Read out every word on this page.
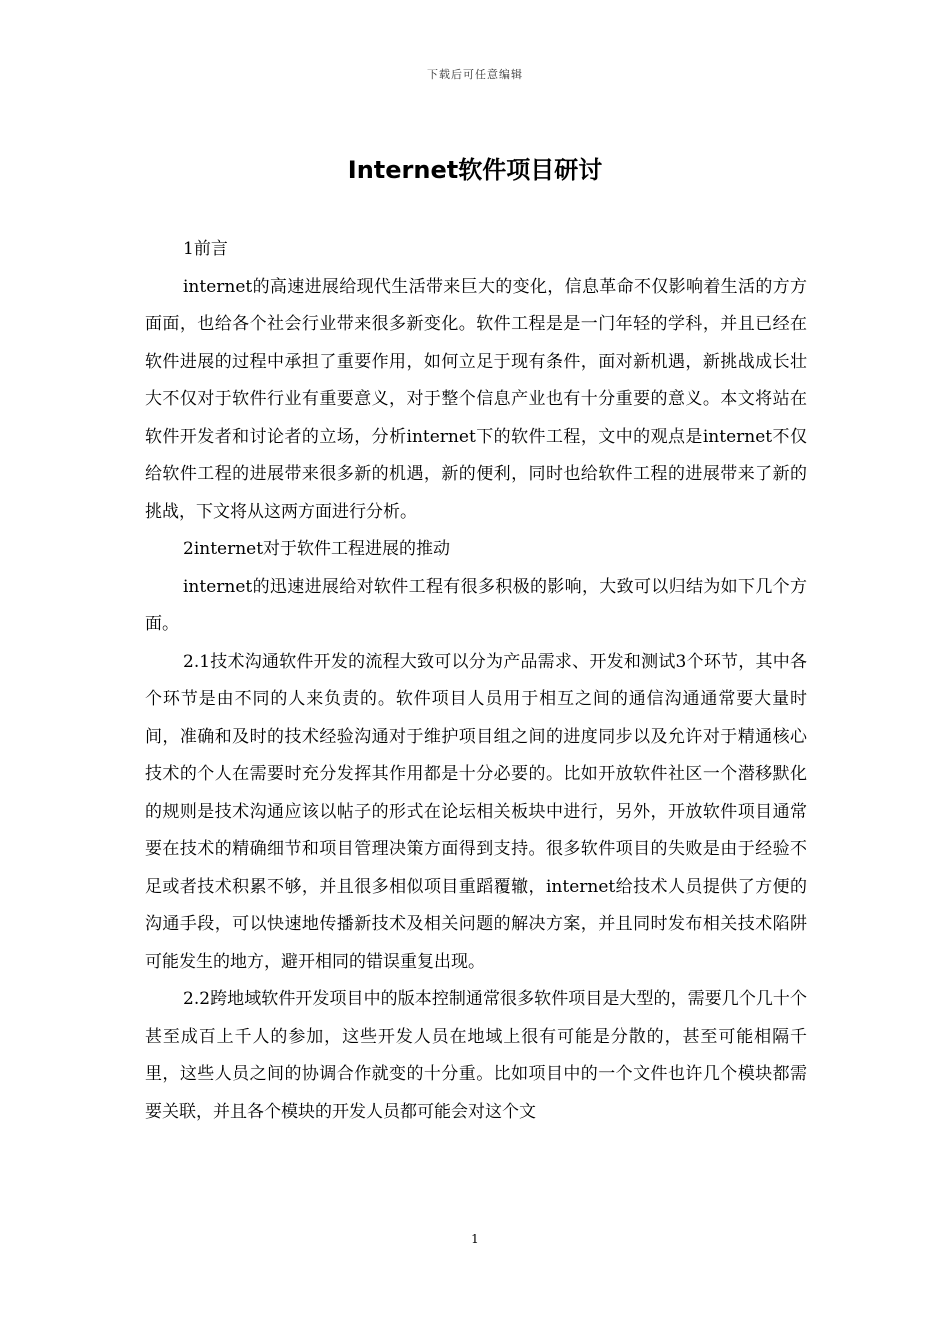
下载后可任意编辑
Internet软件项目研讨

1前言

internet的高速进展给现代生活带来巨大的变化，信息革命不仅影响着生活的方方面面，也给各个社会行业带来很多新变化。软件工程是是一门年轻的学科，并且已经在软件进展的过程中承担了重要作用，如何立足于现有条件，面对新机遇，新挑战成长壮大不仅对于软件行业有重要意义，对于整个信息产业也有十分重要的意义。本文将站在软件开发者和讨论者的立场，分析internet下的软件工程，文中的观点是internet不仅给软件工程的进展带来很多新的机遇，新的便利，同时也给软件工程的进展带来了新的挑战，下文将从这两方面进行分析。

2internet对于软件工程进展的推动

internet的迅速进展给对软件工程有很多积极的影响，大致可以归结为如下几个方面。

2.1技术沟通软件开发的流程大致可以分为产品需求、开发和测试3个环节，其中各个环节是由不同的人来负责的。软件项目人员用于相互之间的通信沟通通常要大量时间，准确和及时的技术经验沟通对于维护项目组之间的进度同步以及允许对于精通核心技术的个人在需要时充分发挥其作用都是十分必要的。比如开放软件社区一个潜移默化的规则是技术沟通应该以帖子的形式在论坛相关板块中进行，另外，开放软件项目通常要在技术的精确细节和项目管理决策方面得到支持。很多软件项目的失败是由于经验不足或者技术积累不够，并且很多相似项目重蹈覆辙，internet给技术人员提供了方便的沟通手段，可以快速地传播新技术及相关问题的解决方案，并且同时发布相关技术陷阱可能发生的地方，避开相同的错误重复出现。

2.2跨地域软件开发项目中的版本控制通常很多软件项目是大型的，需要几个几十个甚至成百上千人的参加，这些开发人员在地域上很有可能是分散的，甚至可能相隔千里，这些人员之间的协调合作就变的十分重。比如项目中的一个文件也许几个模块都需要关联，并且各个模块的开发人员都可能会对这个文

1
